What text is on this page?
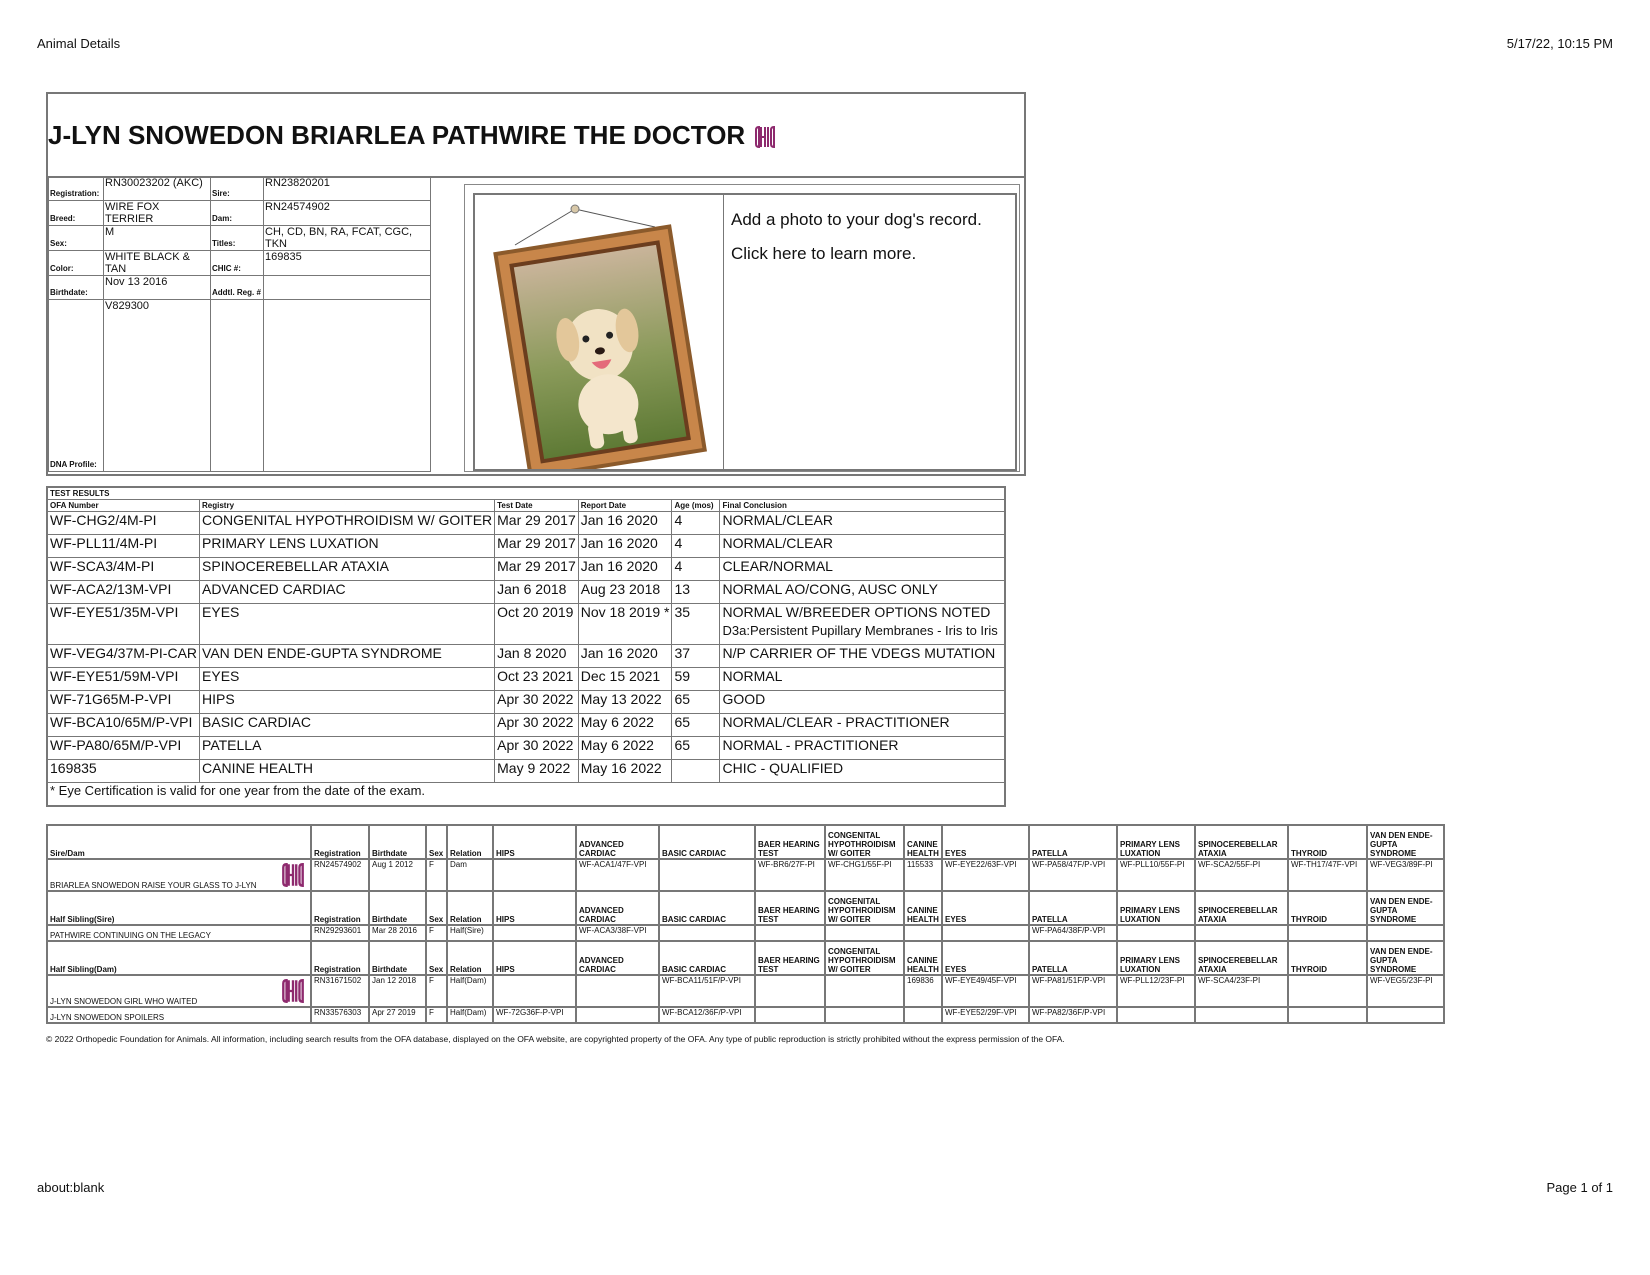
Animal Details	5/17/22, 10:15 PM
J-LYN SNOWEDON BRIARLEA PATHWIRE THE DOCTOR
Registration:	RN30023202 (AKC)	Sire:	RN23820201
Breed:	WIRE FOX TERRIER	Dam:	RN24574902
Sex:	M	Titles:	CH, CD, BN, RA, FCAT, CGC, TKN
Color:	WHITE BLACK & TAN	CHIC #:	169835
Birthdate:	Nov 13 2016	Addtl. Reg. #	
DNA Profile:	V829300		
Add a photo to your dog's record.
Click here to learn more.
TEST RESULTS					
OFA Number	Registry	Test Date	Report Date	Age (mos)	Final Conclusion
WF-CHG2/4M-PI	CONGENITAL HYPOTHROIDISM W/ GOITER	Mar 29 2017	Jan 16 2020	4	NORMAL/CLEAR
WF-PLL11/4M-PI	PRIMARY LENS LUXATION	Mar 29 2017	Jan 16 2020	4	NORMAL/CLEAR
WF-SCA3/4M-PI	SPINOCEREBELLAR ATAXIA	Mar 29 2017	Jan 16 2020	4	CLEAR/NORMAL
WF-ACA2/13M-VPI	ADVANCED CARDIAC	Jan 6 2018	Aug 23 2018	13	NORMAL AO/CONG, AUSC ONLY
WF-EYE51/35M-VPI	EYES	Oct 20 2019	Nov 18 2019 *	35	NORMAL W/BREEDER OPTIONS NOTED
D3a:Persistent Pupillary Membranes - Iris to Iris

WF-VEG4/37M-PI-CAR	VAN DEN ENDE-GUPTA SYNDROME	Jan 8 2020	Jan 16 2020	37	N/P CARRIER OF THE VDEGS MUTATION
WF-EYE51/59M-VPI	EYES	Oct 23 2021	Dec 15 2021	59	NORMAL
WF-71G65M-P-VPI	HIPS	Apr 30 2022	May 13 2022	65	GOOD
WF-BCA10/65M/P-VPI	BASIC CARDIAC	Apr 30 2022	May 6 2022	65	NORMAL/CLEAR - PRACTITIONER
WF-PA80/65M/P-VPI	PATELLA	Apr 30 2022	May 6 2022	65	NORMAL - PRACTITIONER
169835	CANINE HEALTH	May 9 2022	May 16 2022		CHIC - QUALIFIED
* Eye Certification is valid for one year from the date of the exam.					
Sire/Dam	Registration	Birthdate	Sex	Relation	HIPS	ADVANCED CARDIAC	BASIC CARDIAC	BAER HEARING TEST	CONGENITAL HYPOTHROIDISM W/ GOITER	CANINE HEALTH	EYES	PATELLA	PRIMARY LENS LUXATION	SPINOCEREBELLAR ATAXIA	THYROID	VAN DEN ENDE-GUPTA SYNDROME
BRIARLEA SNOWEDON RAISE YOUR GLASS TO J-LYN	RN24574902	Aug 1 2012	F	Dam		WF-ACA1/47F-VPI		WF-BR6/27F-PI	WF-CHG1/55F-PI	115533	WF-EYE22/63F-VPI	WF-PA58/47F/P-VPI	WF-PLL10/55F-PI	WF-SCA2/55F-PI	WF-TH17/47F-VPI	WF-VEG3/89F-PI
Half Sibling(Sire)	Registration	Birthdate	Sex	Relation	HIPS	ADVANCED CARDIAC	BASIC CARDIAC	BAER HEARING TEST	CONGENITAL HYPOTHROIDISM W/ GOITER	CANINE HEALTH	EYES	PATELLA	PRIMARY LENS LUXATION	SPINOCEREBELLAR ATAXIA	THYROID	VAN DEN ENDE-GUPTA SYNDROME
PATHWIRE CONTINUING ON THE LEGACY	RN29293601	Mar 28 2016	F	Half(Sire)		WF-ACA3/38F-VPI						WF-PA64/38F/P-VPI				
Half Sibling(Dam)	Registration	Birthdate	Sex	Relation	HIPS	ADVANCED CARDIAC	BASIC CARDIAC	BAER HEARING TEST	CONGENITAL HYPOTHROIDISM W/ GOITER	CANINE HEALTH	EYES	PATELLA	PRIMARY LENS LUXATION	SPINOCEREBELLAR ATAXIA	THYROID	VAN DEN ENDE-GUPTA SYNDROME
J-LYN SNOWEDON GIRL WHO WAITED	RN31671502	Jan 12 2018	F	Half(Dam)			WF-BCA11/51F/P-VPI			169836	WF-EYE49/45F-VPI	WF-PA81/51F/P-VPI	WF-PLL12/23F-PI	WF-SCA4/23F-PI		WF-VEG5/23F-PI
J-LYN SNOWEDON SPOILERS	RN33576303	Apr 27 2019	F	Half(Dam)	WF-72G36F-P-VPI		WF-BCA12/36F/P-VPI				WF-EYE52/29F-VPI	WF-PA82/36F/P-VPI				
© 2022 Orthopedic Foundation for Animals. All information, including search results from the OFA database, displayed on the OFA website, are copyrighted property of the OFA. Any type of public reproduction is strictly prohibited without the express permission of the OFA.
about:blank	Page 1 of 1
